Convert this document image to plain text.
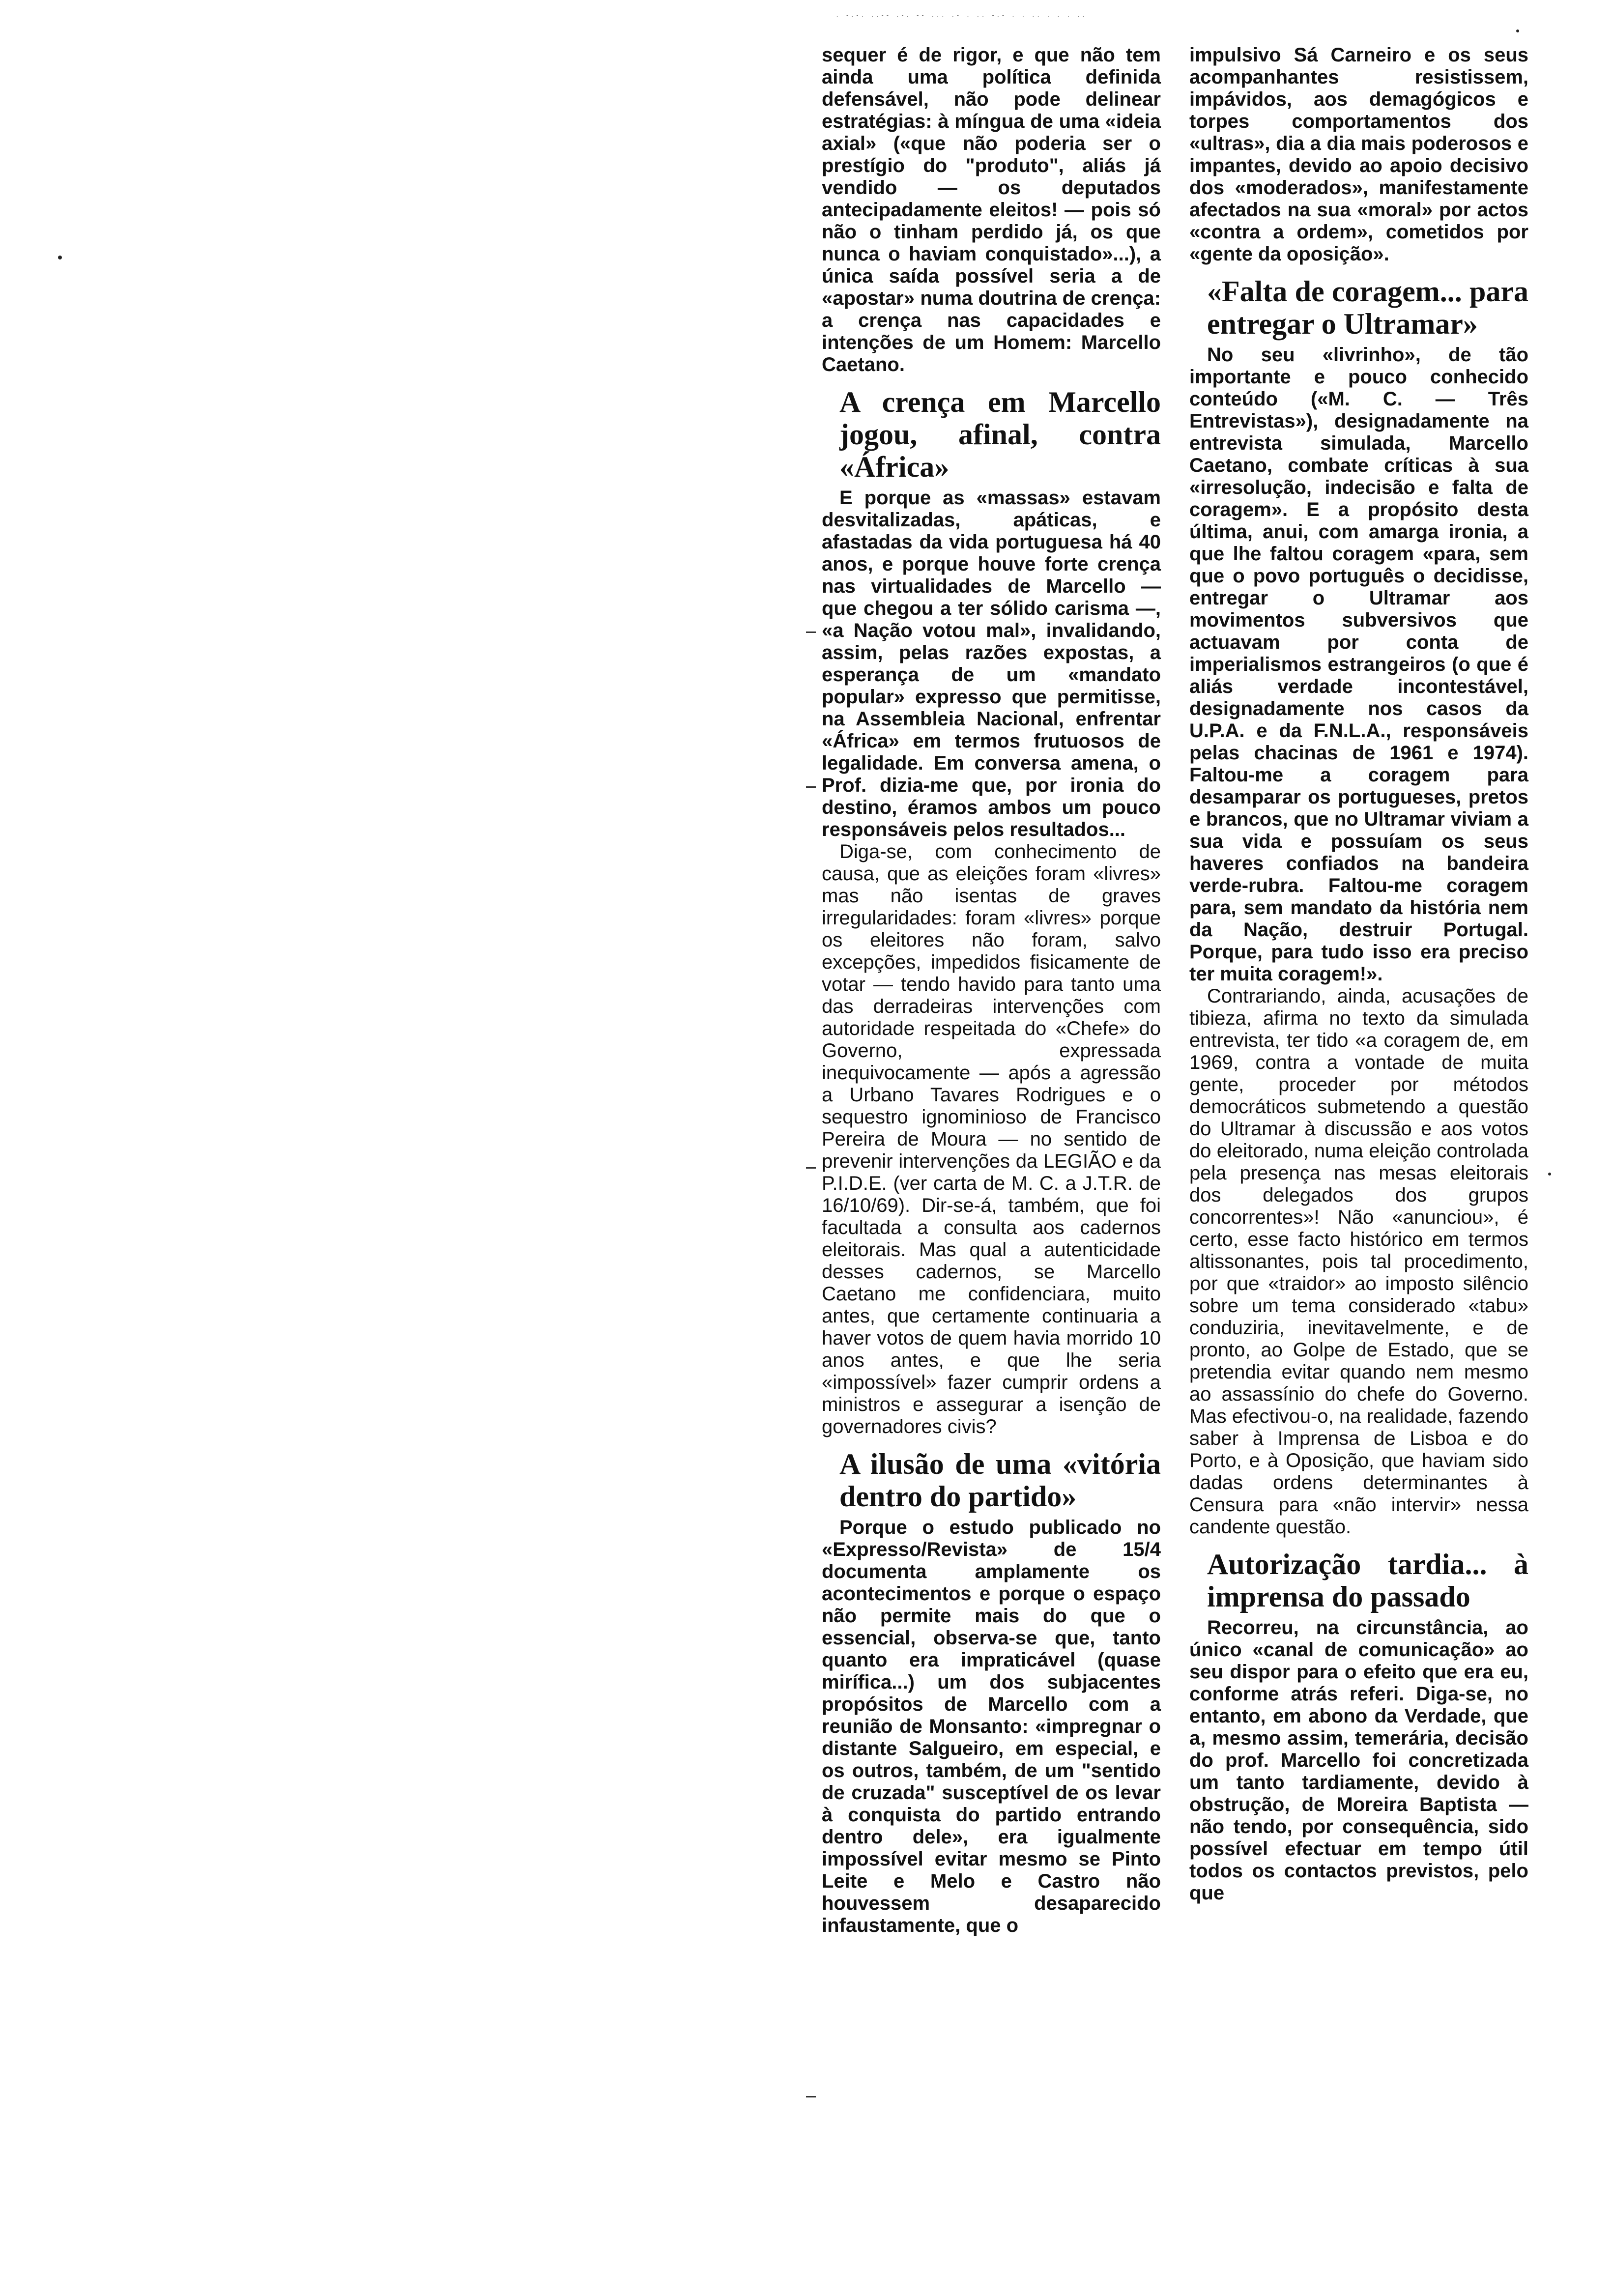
. -.-. ..-- .-. -- ... .- . .. -.- . . .. . . . ..

sequer é de rigor, e que não tem ainda uma política definida defensável, não pode delinear estratégias: à míngua de uma «ideia axial» («que não poderia ser o prestígio do "produto", aliás já vendido — os deputados antecipadamente eleitos! — pois só não o tinham perdido já, os que nunca o haviam conquistado»...), a única saída possível seria a de «apostar» numa doutrina de crença: a crença nas capacidades e intenções de um Homem: Marcello Caetano.

A crença em Marcello jogou, afinal, contra «África»

E porque as «massas» estavam desvitalizadas, apáticas, e afastadas da vida portuguesa há 40 anos, e porque houve forte crença nas virtualidades de Marcello — que chegou a ter sólido carisma —, «a Nação votou mal», invalidando, assim, pelas razões expostas, a esperança de um «mandato popular» expresso que permitisse, na Assembleia Nacional, enfrentar «África» em termos frutuosos de legalidade. Em conversa amena, o Prof. dizia-me que, por ironia do destino, éramos ambos um pouco responsáveis pelos resultados...

Diga-se, com conhecimento de causa, que as eleições foram «livres» mas não isentas de graves irregularidades: foram «livres» porque os eleitores não foram, salvo excepções, impedidos fisicamente de votar — tendo havido para tanto uma das derradeiras intervenções com autoridade respeitada do «Chefe» do Governo, expressada inequivocamente — após a agressão a Urbano Tavares Rodrigues e o sequestro ignominioso de Francisco Pereira de Moura — no sentido de prevenir intervenções da LEGIÃO e da P.I.D.E. (ver carta de M. C. a J.T.R. de 16/10/69). Dir-se-á, também, que foi facultada a consulta aos cadernos eleitorais. Mas qual a autenticidade desses cadernos, se Marcello Caetano me confidenciara, muito antes, que certamente continuaria a haver votos de quem havia morrido 10 anos antes, e que lhe seria «impossível» fazer cumprir ordens a ministros e assegurar a isenção de governadores civis?

A ilusão de uma «vitória dentro do partido»

Porque o estudo publicado no «Expresso/Revista» de 15/4 documenta amplamente os acontecimentos e porque o espaço não permite mais do que o essencial, observa-se que, tanto quanto era impraticável (quase mirífica...) um dos subjacentes propósitos de Marcello com a reunião de Monsanto: «impregnar o distante Salgueiro, em especial, e os outros, também, de um "sentido de cruzada" susceptível de os levar à conquista do partido entrando dentro dele», era igualmente impossível evitar mesmo se Pinto Leite e Melo e Castro não houvessem desaparecido infaustamente, que o

impulsivo Sá Carneiro e os seus acompanhantes resistissem, impávidos, aos demagógicos e torpes comportamentos dos «ultras», dia a dia mais poderosos e impantes, devido ao apoio decisivo dos «moderados», manifestamente afectados na sua «moral» por actos «contra a ordem», cometidos por «gente da oposição».

«Falta de coragem... para entregar o Ultramar»

No seu «livrinho», de tão importante e pouco conhecido conteúdo («M. C. — Três Entrevistas»), designadamente na entrevista simulada, Marcello Caetano, combate críticas à sua «irresolução, indecisão e falta de coragem». E a propósito desta última, anui, com amarga ironia, a que lhe faltou coragem «para, sem que o povo português o decidisse, entregar o Ultramar aos movimentos subversivos que actuavam por conta de imperialismos estrangeiros (o que é aliás verdade incontestável, designadamente nos casos da U.P.A. e da F.N.L.A., responsáveis pelas chacinas de 1961 e 1974). Faltou-me a coragem para desamparar os portugueses, pretos e brancos, que no Ultramar viviam a sua vida e possuíam os seus haveres confiados na bandeira verde-rubra. Faltou-me coragem para, sem mandato da história nem da Nação, destruir Portugal. Porque, para tudo isso era preciso ter muita coragem!».

Contrariando, ainda, acusações de tibieza, afirma no texto da simulada entrevista, ter tido «a coragem de, em 1969, contra a vontade de muita gente, proceder por métodos democráticos submetendo a questão do Ultramar à discussão e aos votos do eleitorado, numa eleição controlada pela presença nas mesas eleitorais dos delegados dos grupos concorrentes»! Não «anunciou», é certo, esse facto histórico em termos altissonantes, pois tal procedimento, por que «traidor» ao imposto silêncio sobre um tema considerado «tabu» conduziria, inevitavelmente, e de pronto, ao Golpe de Estado, que se pretendia evitar quando nem mesmo ao assassínio do chefe do Governo. Mas efectivou-o, na realidade, fazendo saber à Imprensa de Lisboa e do Porto, e à Oposição, que haviam sido dadas ordens determinantes à Censura para «não intervir» nessa candente questão.

Autorização tardia... à imprensa do passado

Recorreu, na circunstância, ao único «canal de comunicação» ao seu dispor para o efeito que era eu, conforme atrás referi. Diga-se, no entanto, em abono da Verdade, que a, mesmo assim, temerária, decisão do prof. Marcello foi concretizada um tanto tardiamente, devido à obstrução, de Moreira Baptista — não tendo, por consequência, sido possível efectuar em tempo útil todos os contactos previstos, pelo que
